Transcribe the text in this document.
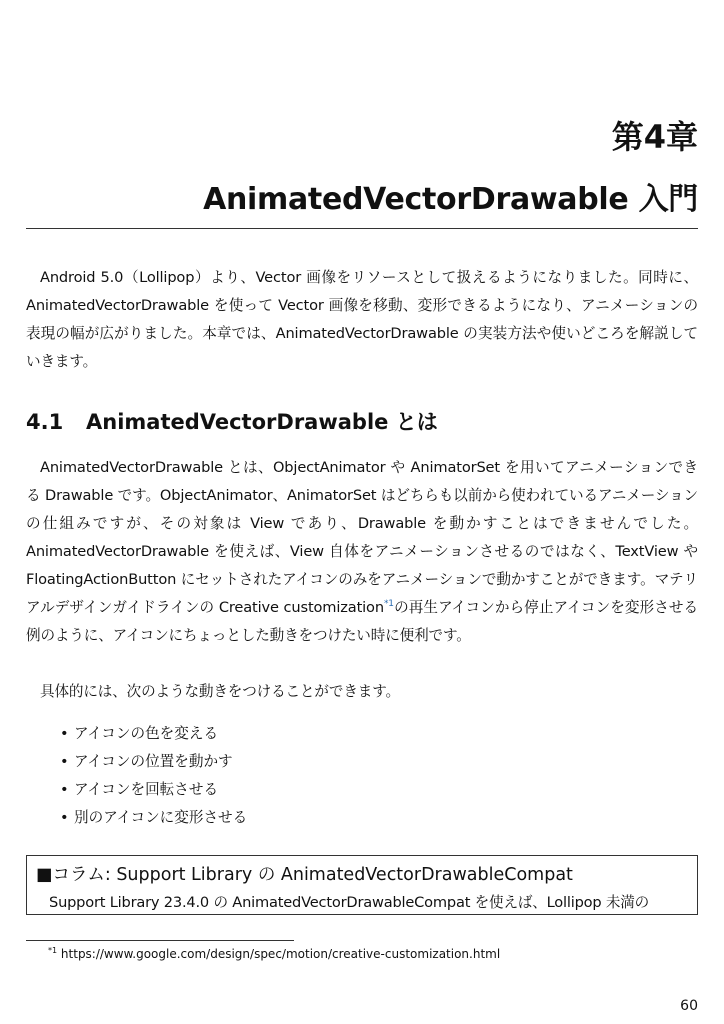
第4章
AnimatedVectorDrawable 入門

Android 5.0（Lollipop）より、Vector 画像をリソースとして扱えるようになりました。同時に、AnimatedVectorDrawable を使って Vector 画像を移動、変形できるようになり、アニメーションの表現の幅が広がりました。本章では、AnimatedVectorDrawable の実装方法や使いどころを解説していきます。

4.1 AnimatedVectorDrawable とは

AnimatedVectorDrawable とは、ObjectAnimator や AnimatorSet を用いてアニメーションできる Drawable です。ObjectAnimator、AnimatorSet はどちらも以前から使われているアニメーションの仕組みですが、その対象は View であり、Drawable を動かすことはできませんでした。AnimatedVectorDrawable を使えば、View 自体をアニメーションさせるのではなく、TextView や FloatingActionButton にセットされたアイコンのみをアニメーションで動かすことができます。マテリアルデザインガイドラインの Creative customization$^{*1}$の再生アイコンから停止アイコンを変形させる例のように、アイコンにちょっとした動きをつけたい時に便利です。

具体的には、次のような動きをつけることができます。

• アイコンの色を変える
• アイコンの位置を動かす
• アイコンを回転させる
• 別のアイコンに変形させる

■コラム: Support Library の AnimatedVectorDrawableCompat

Support Library 23.4.0 の AnimatedVectorDrawableCompat を使えば、Lollipop 未満の

$^{*1}$ https://www.google.com/design/spec/motion/creative-customization.html

60
